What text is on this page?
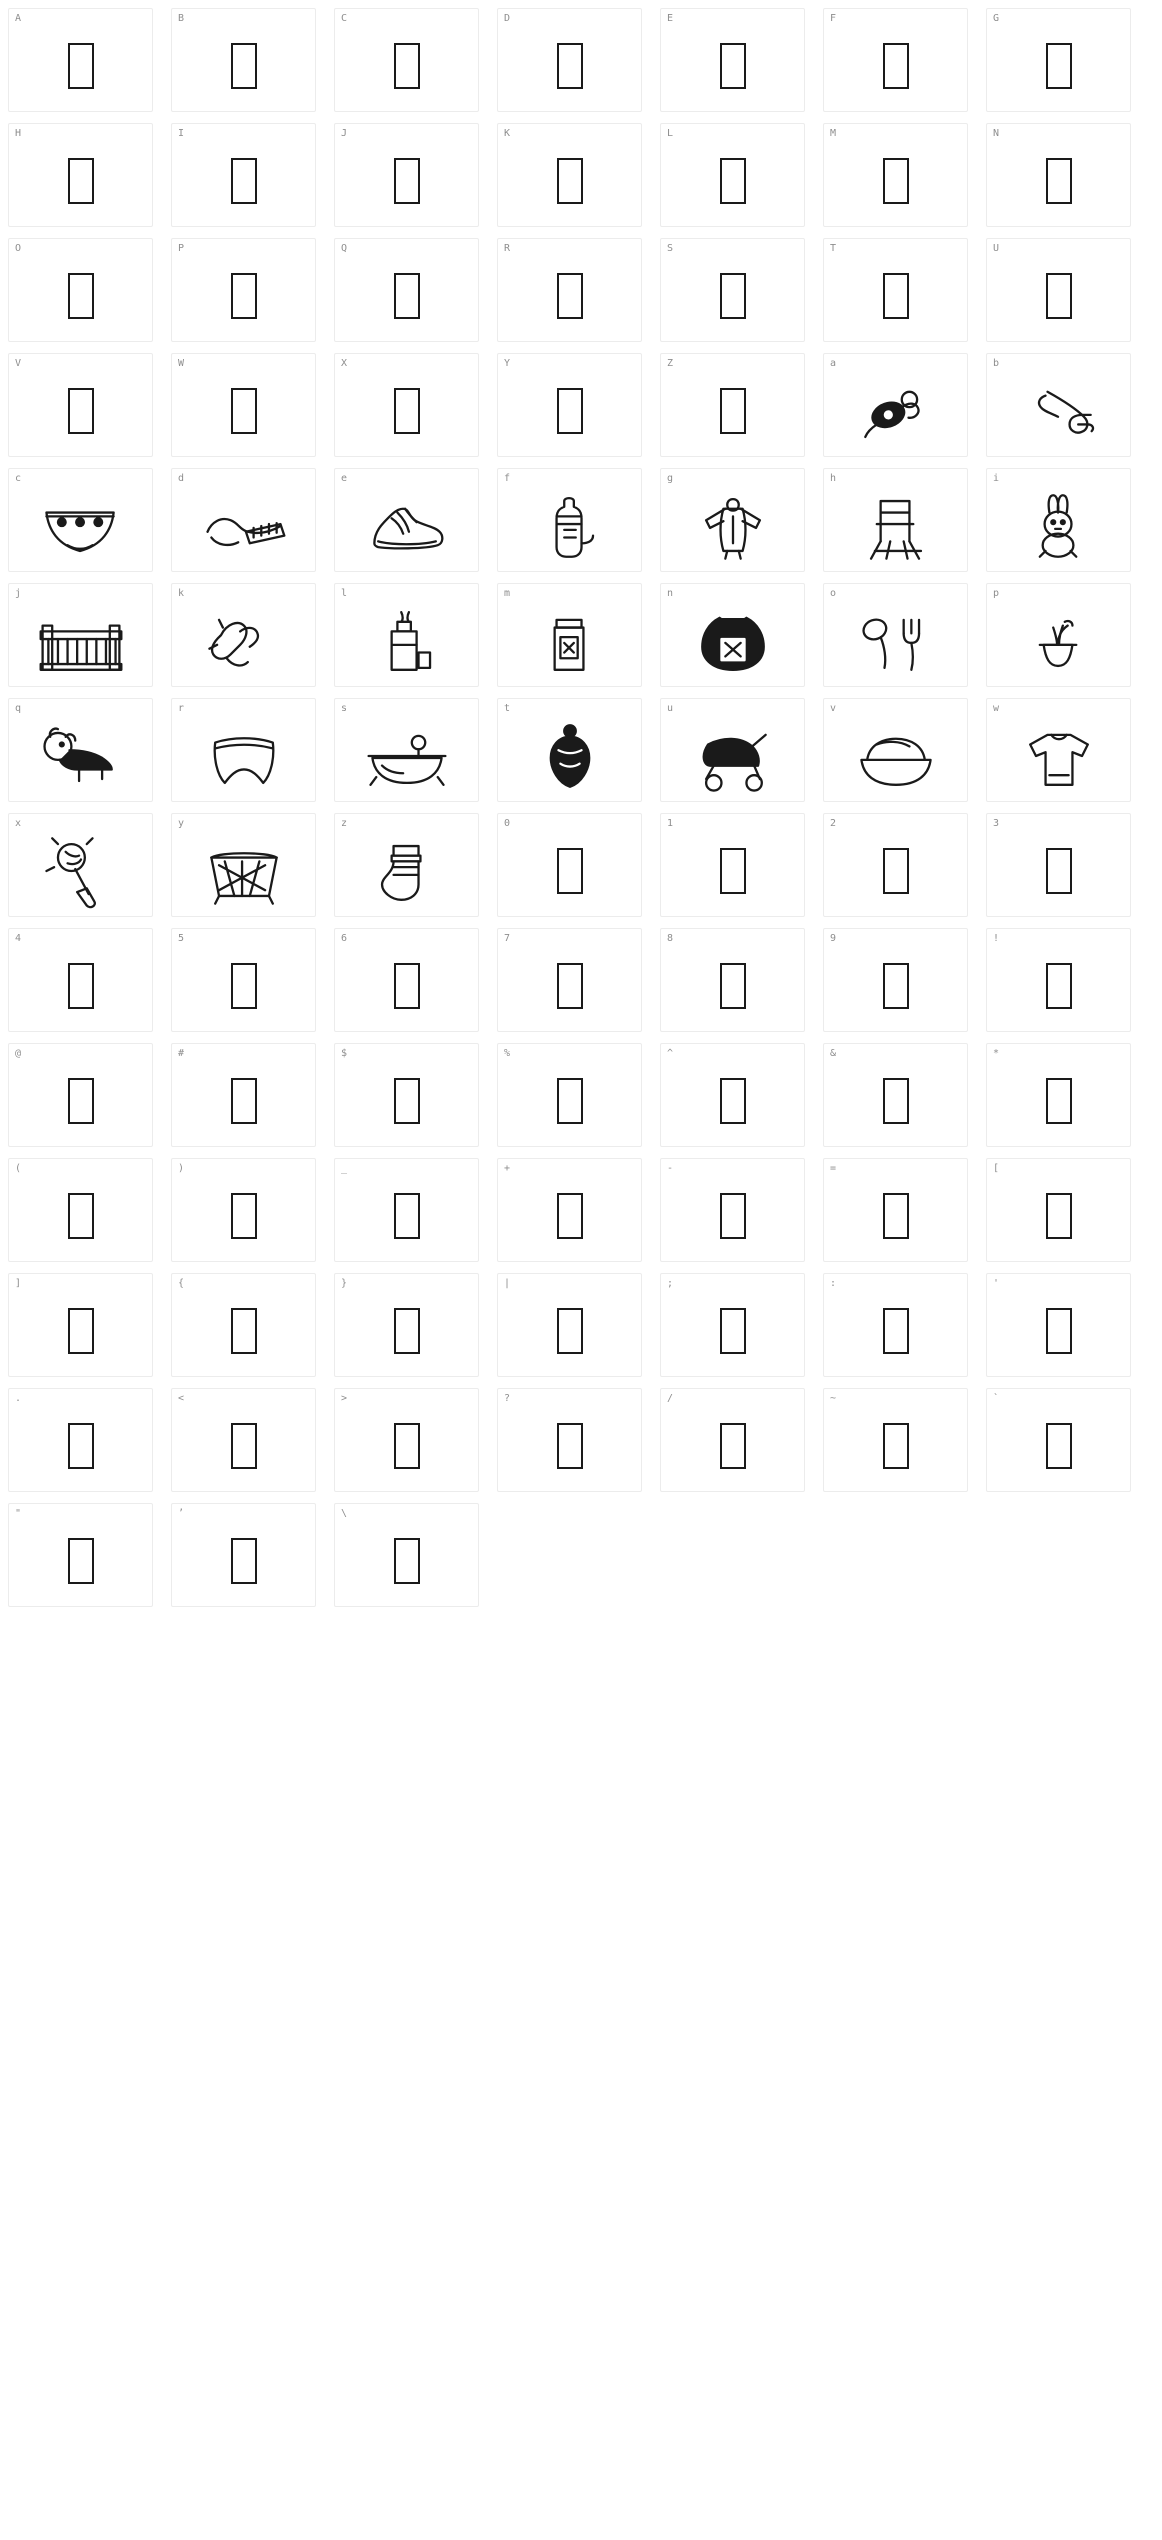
A	B	C	D	E	F	G
H	I	J	K	L	M	N
O	P	Q	R	S	T	U
V	W	X	Y	Z	a	b
c	d	e	f	g	h	i
j	k	l	m	n	o	p
q	r	s	t	u	v	w
x	y	z	0	1	2	3
4	5	6	7	8	9	!
@	#	$	%	^	&	*
(	)	_	+	-	=	[
]	{	}	|	;	:	'
.	<	>	?	/	~	`
"	’	\
